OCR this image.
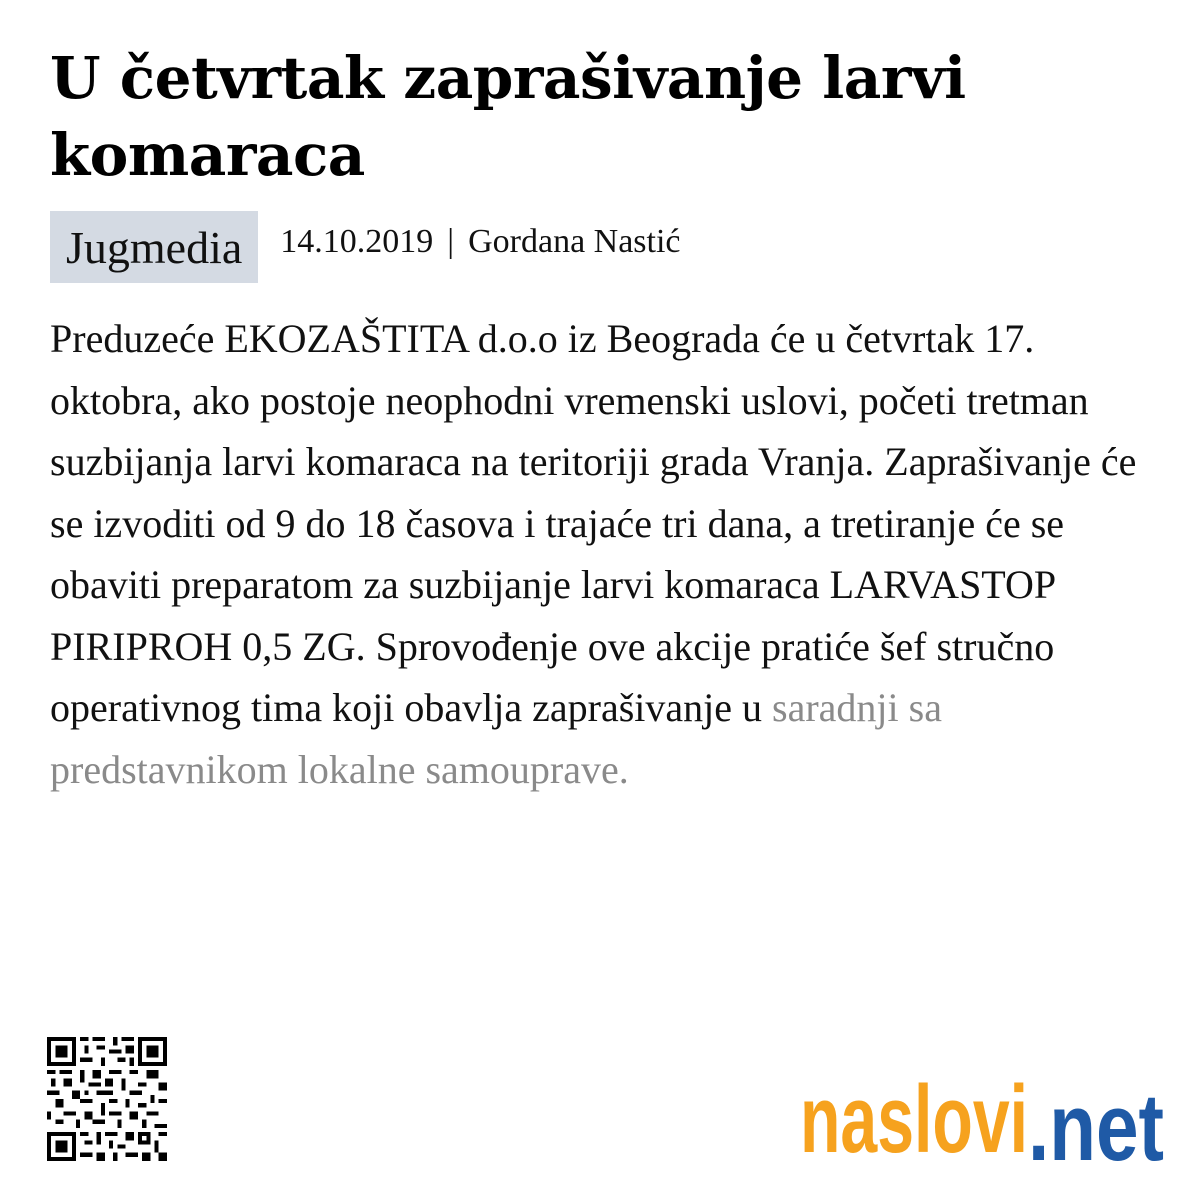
U četvrtak zaprašivanje larvi komaraca
Jugmedia	14.10.2019 | Gordana Nastić

Preduzeće EKOZAŠTITA d.o.o iz Beograda će u četvrtak 17. oktobra, ako postoje neophodni vremenski uslovi, početi tretman suzbijanja larvi komaraca na teritoriji grada Vranja. Zaprašivanje će se izvoditi od 9 do 18 časova i trajaće tri dana, a tretiranje će se obaviti preparatom za suzbijanje larvi komaraca LARVASTOP PIRIPROH 0,5 ZG. Sprovođenje ove akcije pratiće šef stručno operativnog tima koji obavlja zaprašivanje u saradnji sa predstavnikom lokalne samouprave.

naslovi .net
